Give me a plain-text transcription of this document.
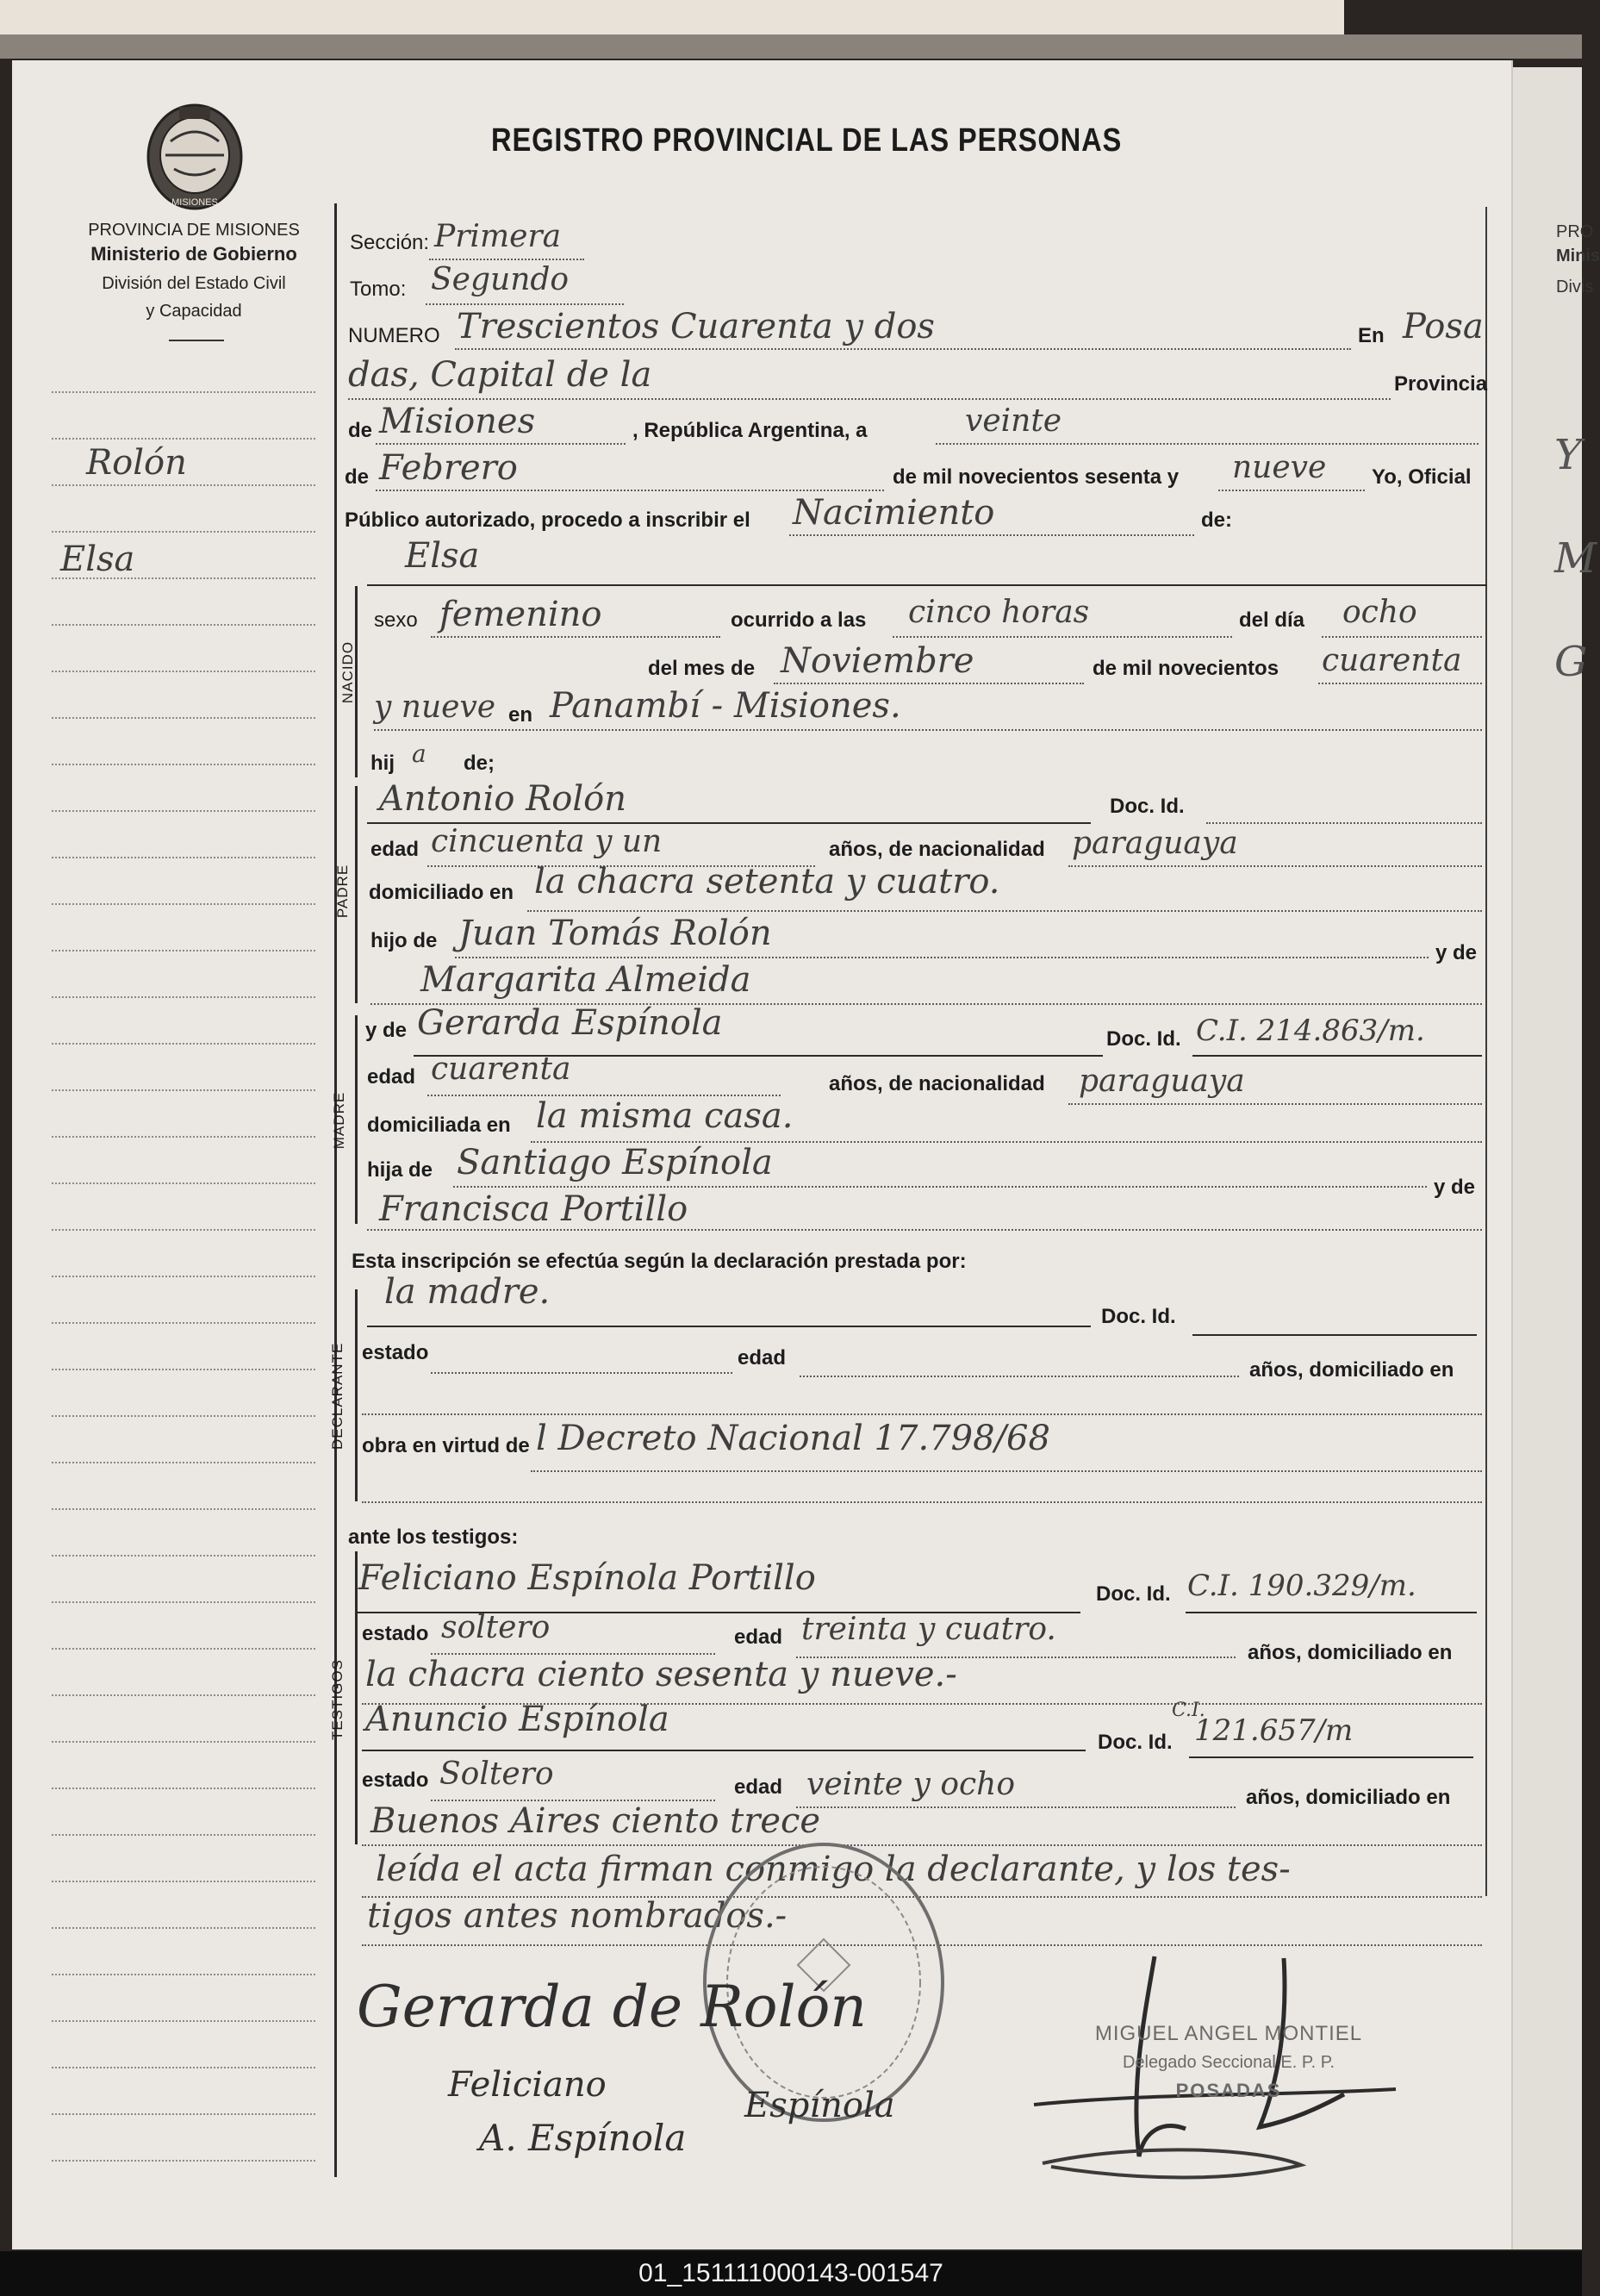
PRO
Minis
Divis
Y
M
G
MISIONES
REGISTRO PROVINCIAL DE LAS PERSONAS
PROVINCIA DE MISIONES
Ministerio de Gobierno
División del Estado Civil
y Capacidad
Rolón
Elsa
NACIDO
PADRE
MADRE
DECLARANTE
TESTIGOS
Sección: Primera
Tomo: Segundo
NUMERO Trescientos Cuarenta y dos	En Posa
das, Capital de la	Provincia
de Misiones	, República Argentina, a	veinte
de Febrero	de mil novecientos sesenta y nueve Yo, Oficial
Público autorizado, procedo a inscribir el Nacimiento	de:
Elsa
sexo femenino	ocurrido a las cinco horas	del día ocho
del mes de Noviembre	de mil novecientos cuarenta
y nueve en Panambí - Misiones.
hij a de;
Antonio Rolón	Doc. Id.
edad cincuenta y un	años, de nacionalidad paraguaya
domiciliado en la chacra setenta y cuatro.
hijo de Juan Tomás Rolón	y de
Margarita Almeida
y de Gerarda Espínola	Doc. Id. C.I. 214.863/m.
edad cuarenta	años, de nacionalidad paraguaya
domiciliada en la misma casa.
hija de Santiago Espínola
y de
Francisca Portillo
Esta inscripción se efectúa según la declaración prestada por:
la madre.
Doc. Id.
estado	edad
años, domiciliado en
obra en virtud de l Decreto Nacional 17.798/68
ante los testigos:
Feliciano Espínola Portillo	Doc. Id. C.I. 190.329/m.
estado soltero	edad treinta y cuatro.
años, domiciliado en
la chacra ciento sesenta y nueve.-
Anuncio Espínola
Doc. Id.
C.I.
121.657/m
estado Soltero	edad veinte y ocho	años, domiciliado en
Buenos Aires ciento trece
leída el acta firman conmigo la declarante, y los tes-
tigos antes nombrados.-
Gerarda de Rolón	MIGUEL ANGEL MONTIEL
Delegado Seccional E. P. P.
POSADAS
Feliciano
Espínola
A. Espínola
01_151111000143-001547
